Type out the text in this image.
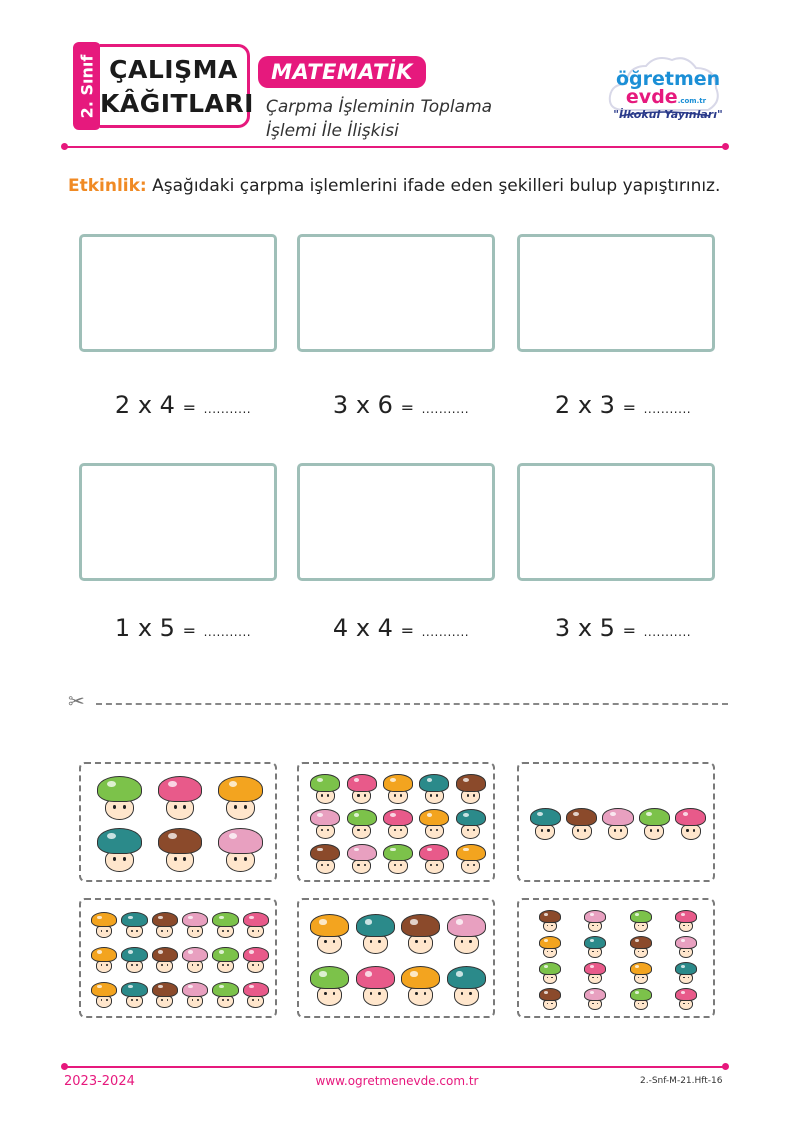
2. Sınıf ÇALIŞMA
KÂĞITLARI
MATEMATİK
Çarpma İşleminin Toplama
İşlemi İle İlişkisi
öğretmen
evde.com.tr
"İlkokul Yayınları"
Etkinlik: Aşağıdaki çarpma işlemlerini ifade eden şekilleri bulup yapıştırınız.
2 x 4 = ...........	3 x 6 = ...........	2 x 3 = ...........
1 x 5 = ...........	4 x 4 = ...........	3 x 5 = ...........
✂
2023-2024	www.ogretmenevde.com.tr	2.-Snf-M-21.Hft-16
